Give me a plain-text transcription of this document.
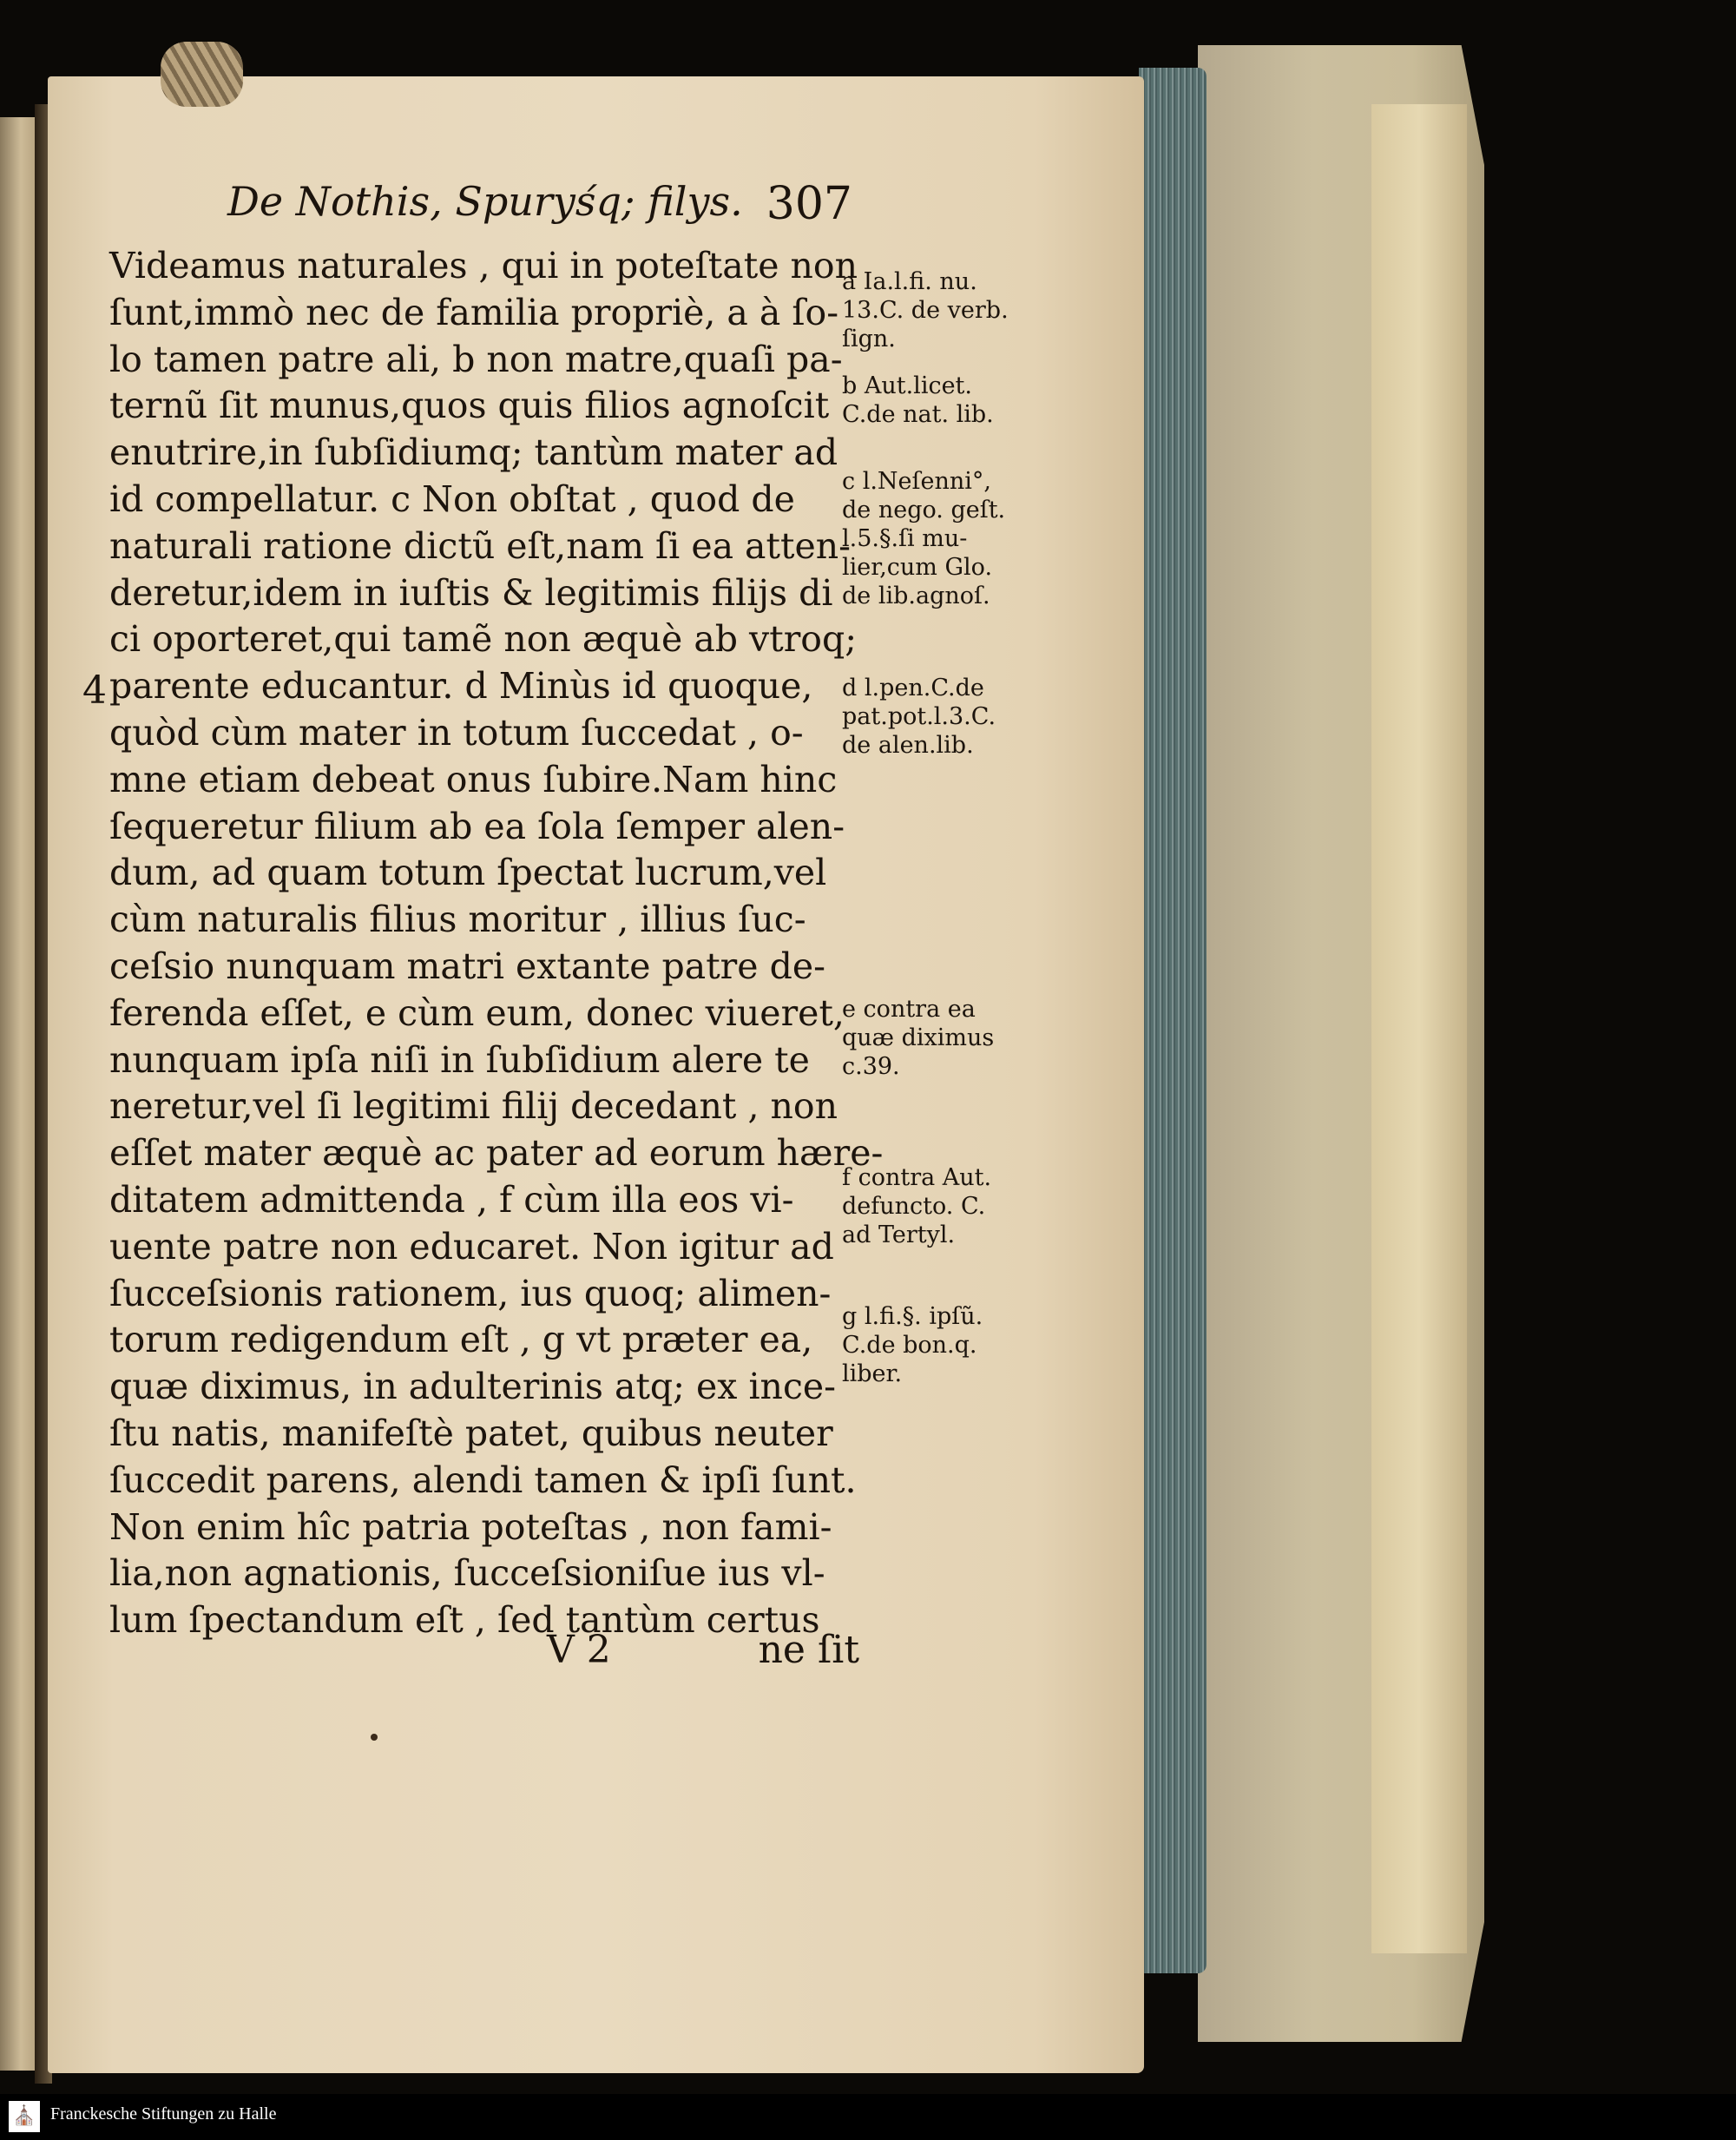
De Nothis, Spuryśq; filys. 307
Videamus naturales , qui in poteſtate non
ſunt,immò nec de familia propriè, a à ſo-
lo tamen patre ali, b non matre,quaſi pa-
ternũ ſit munus,quos quis filios agnoſcit
enutrire,in ſubſidiumq; tantùm mater ad
id compellatur. c Non obſtat , quod de
naturali ratione dictũ eſt,nam ſi ea atten-
deretur,idem in iuſtis & legitimis filijs di
ci oporteret,qui tamẽ non æquè ab vtroq;
parente educantur. d Minùs id quoque,
quòd cùm mater in totum ſuccedat , o-
mne etiam debeat onus ſubire.Nam hinc
ſequeretur filium ab ea ſola ſemper alen-
dum, ad quam totum ſpectat lucrum,vel
cùm naturalis filius moritur , illius ſuc-
ceſsio nunquam matri extante patre de-
ferenda eſſet, e cùm eum, donec viueret,
nunquam ipſa niſi in ſubſidium alere te
neretur,vel ſi legitimi filij decedant , non
eſſet mater æquè ac pater ad eorum hære-
ditatem admittenda , f cùm illa eos vi-
uente patre non educaret. Non igitur ad
ſucceſsionis rationem, ius quoq; alimen-
torum redigendum eſt , g vt præter ea,
quæ diximus, in adulterinis atq; ex ince-
ſtu natis, manifeſtè patet, quibus neuter
ſuccedit parens, alendi tamen & ipſi ſunt.
Non enim hîc patria poteſtas , non fami-
lia,non agnationis, ſucceſsioniſue ius vl-
lum ſpectandum eſt , ſed tantùm certus
4
a Ia.l.fi. nu.
13.C. de verb.
ſign.
b Aut.licet.
C.de nat. lib.
c l.Neſenni°,
de nego. geſt.
l.5.§.ſi mu-
lier,cum Glo.
de lib.agnoſ.
d l.pen.C.de
pat.pot.l.3.C.
de alen.lib.
e contra ea
quæ diximus
c.39.
f contra Aut.
defuncto. C.
ad Tertyl.
g l.fi.§. ipſũ.
C.de bon.q.
liber.
V 2	ne ſit
⛪ Franckesche Stiftungen zu Halle
